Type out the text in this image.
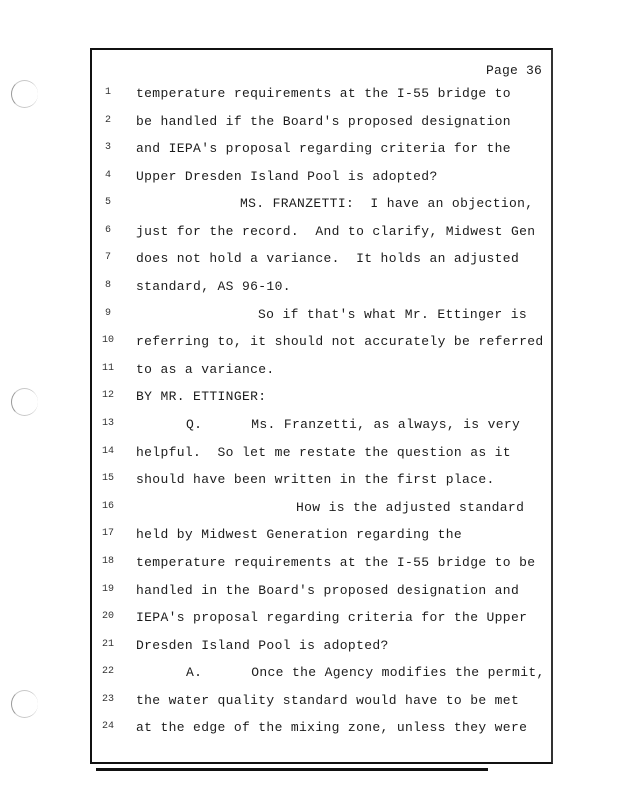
Page 36
1
2
3
4
5
6
7
8
9
10
11
12
13
14
15
16
17
18
19
20
21
22
23
24
temperature requirements at the I-55 bridge to
be handled if the Board's proposed designation
and IEPA's proposal regarding criteria for the
Upper Dresden Island Pool is adopted?
MS. FRANZETTI:  I have an objection,
just for the record.  And to clarify, Midwest Gen
does not hold a variance.  It holds an adjusted
standard, AS 96-10.
So if that's what Mr. Ettinger is
referring to, it should not accurately be referred
to as a variance.
BY MR. ETTINGER:
Q.      Ms. Franzetti, as always, is very
helpful.  So let me restate the question as it
should have been written in the first place.
How is the adjusted standard
held by Midwest Generation regarding the
temperature requirements at the I-55 bridge to be
handled in the Board's proposed designation and
IEPA's proposal regarding criteria for the Upper
Dresden Island Pool is adopted?
A.      Once the Agency modifies the permit,
the water quality standard would have to be met
at the edge of the mixing zone, unless they were
